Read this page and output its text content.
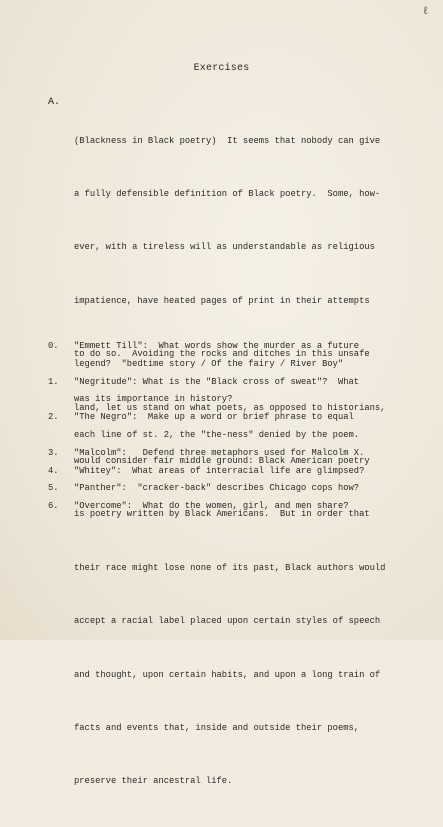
ℓ
Exercises
A.

(Blackness in Black poetry)  It seems that nobody can give

a fully defensible definition of Black poetry.  Some, how-

ever, with a tireless will as understandable as religious

impatience, have heated pages of print in their attempts

to do so.  Avoiding the rocks and ditches in this unsafe

land, let us stand on what poets, as opposed to historians,

would consider fair middle ground: Black American poetry

is poetry written by Black Americans.  But in order that

their race might lose none of its past, Black authors would

accept a racial label placed upon certain styles of speech

and thought, upon certain habits, and upon a long train of

facts and events that, inside and outside their poems,

preserve their ancestral life.

0.	"Emmett Till":  What words show the murder as a future
legend?  "bedtime story / Of the fairy / River Boy"
1.	"Negritude": What is the "Black cross of sweat"?  What
was its importance in history?
2.	"The Negro":  Make up a word or brief phrase to equal
each line of st. 2, the "the-ness" denied by the poem.
3.	"Malcolm":   Defend three metaphors used for Malcolm X.
4.	"Whitey":  What areas of interracial life are glimpsed?
5.	"Panther":  "cracker-back" describes Chicago cops how?
6.	"Overcome":  What do the women, girl, and men share?
